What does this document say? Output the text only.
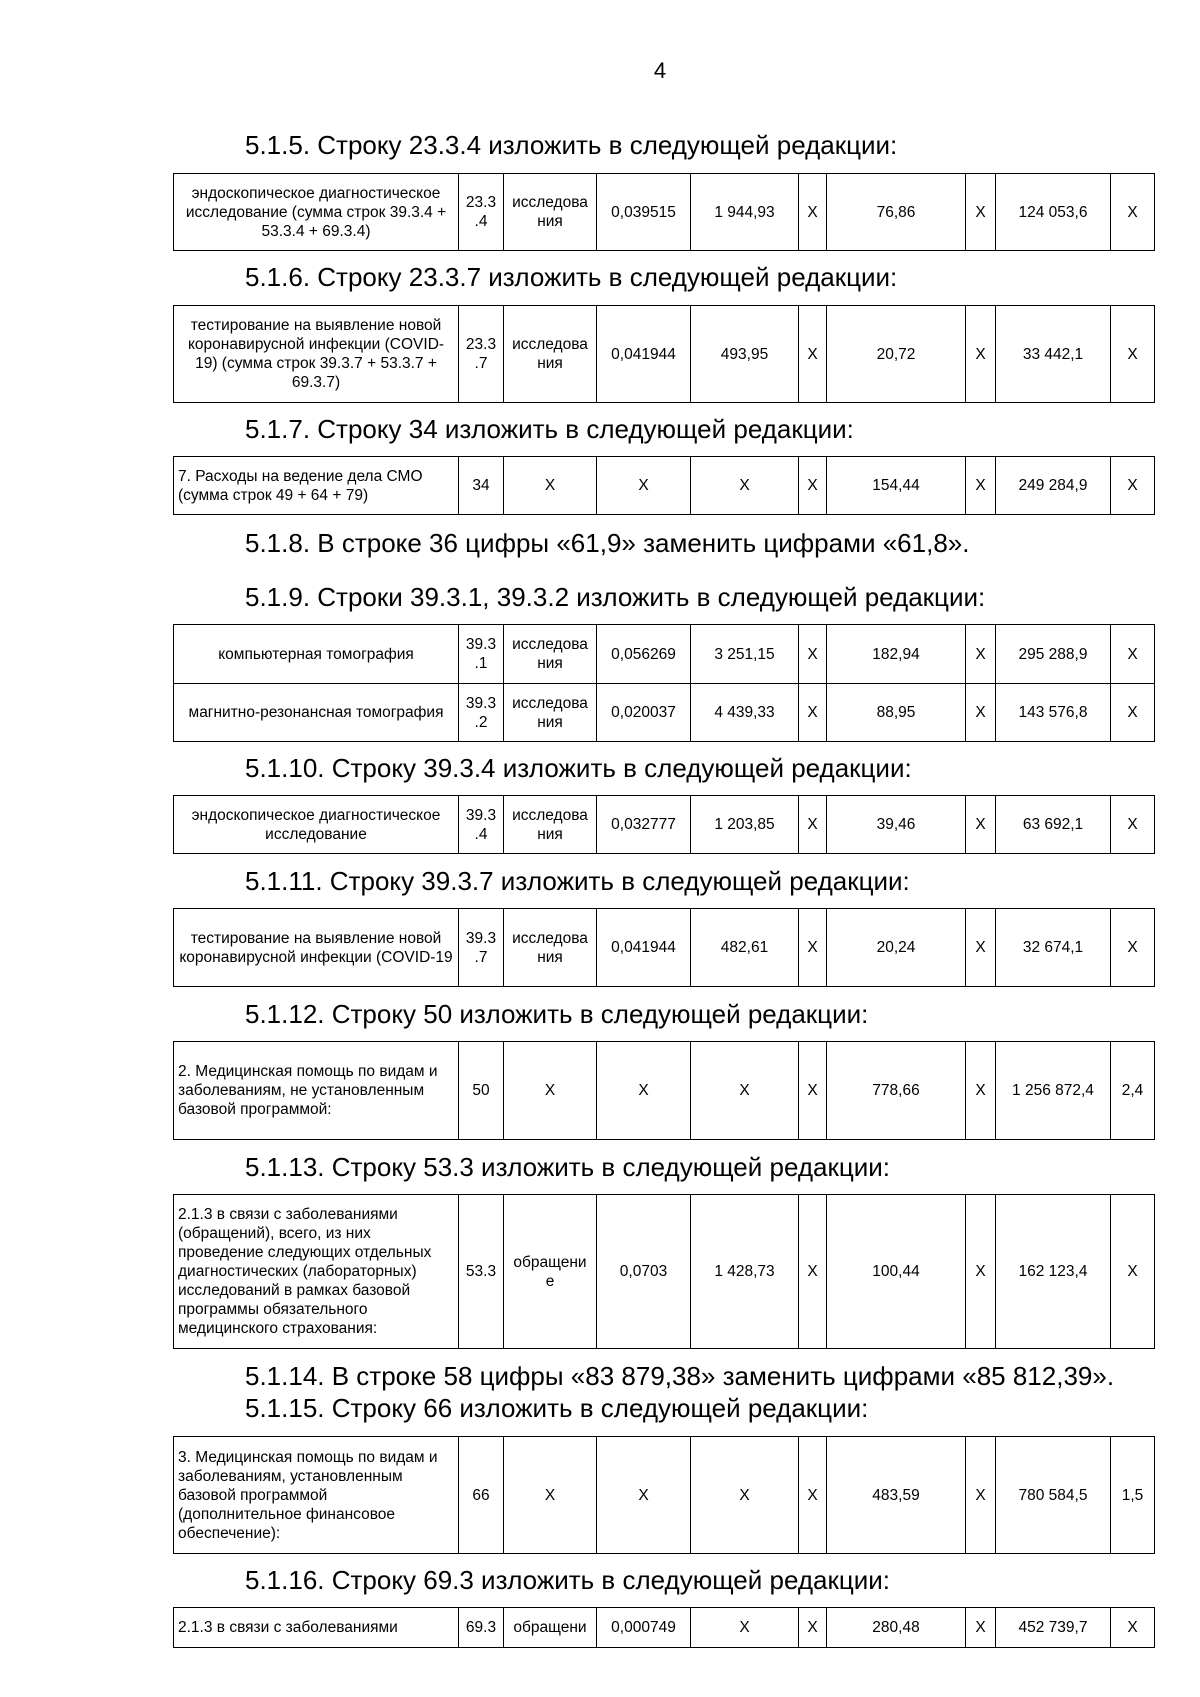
4
5.1.5. Строку 23.3.4 изложить в следующей редакции:
эндоскопическое диагностическое исследование (сумма строк 39.3.4 + 53.3.4 + 69.3.4)	23.3 .4	исследова ния	0,039515	1 944,93	Х	76,86	Х	124 053,6	Х
5.1.6. Строку 23.3.7 изложить в следующей редакции:
тестирование на выявление новой коронавирусной инфекции (COVID-19) (сумма строк 39.3.7 + 53.3.7 + 69.3.7)	23.3 .7	исследова ния	0,041944	493,95	Х	20,72	Х	33 442,1	Х
5.1.7. Строку 34 изложить в следующей редакции:
7. Расходы на ведение дела СМО (сумма строк 49 + 64 + 79)	34	Х	Х	Х	Х	154,44	Х	249 284,9	Х
5.1.8. В строке 36 цифры «61,9» заменить цифрами «61,8».
5.1.9. Строки 39.3.1, 39.3.2 изложить в следующей редакции:
компьютерная томография	39.3 .1	исследова ния	0,056269	3 251,15	Х	182,94	Х	295 288,9	Х
магнитно-резонансная томография	39.3 .2	исследова ния	0,020037	4 439,33	Х	88,95	Х	143 576,8	Х
5.1.10. Строку 39.3.4 изложить в следующей редакции:
эндоскопическое диагностическое исследование	39.3 .4	исследова ния	0,032777	1 203,85	Х	39,46	Х	63 692,1	Х
5.1.11. Строку 39.3.7 изложить в следующей редакции:
тестирование на выявление новой коронавирусной инфекции (COVID-19	39.3 .7	исследова ния	0,041944	482,61	Х	20,24	Х	32 674,1	Х
5.1.12. Строку 50 изложить в следующей редакции:
2. Медицинская помощь по видам и заболеваниям, не установленным базовой программой:	50	Х	Х	Х	Х	778,66	Х	1 256 872,4	2,4
5.1.13. Строку 53.3 изложить в следующей редакции:
2.1.3 в связи с заболеваниями (обращений), всего, из них проведение следующих отдельных диагностических (лабораторных) исследований в рамках базовой программы обязательного медицинского страхования:	53.3	обращени е	0,0703	1 428,73	Х	100,44	Х	162 123,4	Х
5.1.14. В строке 58 цифры «83 879,38» заменить цифрами «85 812,39».
5.1.15. Строку 66 изложить в следующей редакции:
3. Медицинская помощь по видам и заболеваниям, установленным базовой программой (дополнительное финансовое обеспечение):	66	Х	Х	Х	Х	483,59	Х	780 584,5	1,5
5.1.16. Строку 69.3 изложить в следующей редакции:
2.1.3 в связи с заболеваниями	69.3	обращени	0,000749	Х	Х	280,48	Х	452 739,7	Х
